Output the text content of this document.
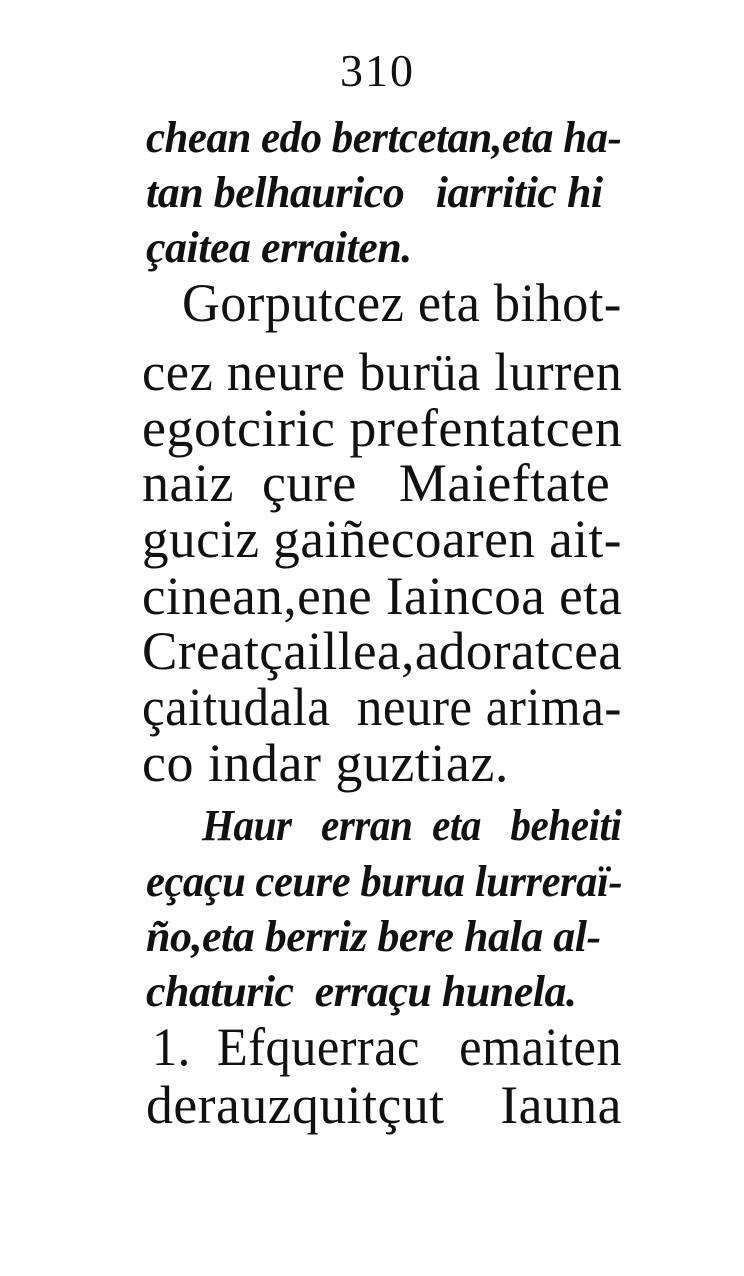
310
chean edo bertcetan,eta ha-
tan belhaurico   iarritic hi
çaitea erraiten.
Gorputcez eta bihot-
cez neure burüa lurren
egotciric prefentatcen
naiz  çure   Maieftate
guciz gaiñecoaren ait-
cinean,ene Iaincoa eta
Creatçaillea,adoratcea
çaitudala  neure arima-
co indar guztiaz.
Haur   erran  eta   beheiti
eçaçu ceure burua lurreraï-
ño,eta berriz bere hala al-
chaturic  erraçu hunela.
1.  Efquerrac   emaiten
derauzquitçut    Iauna
